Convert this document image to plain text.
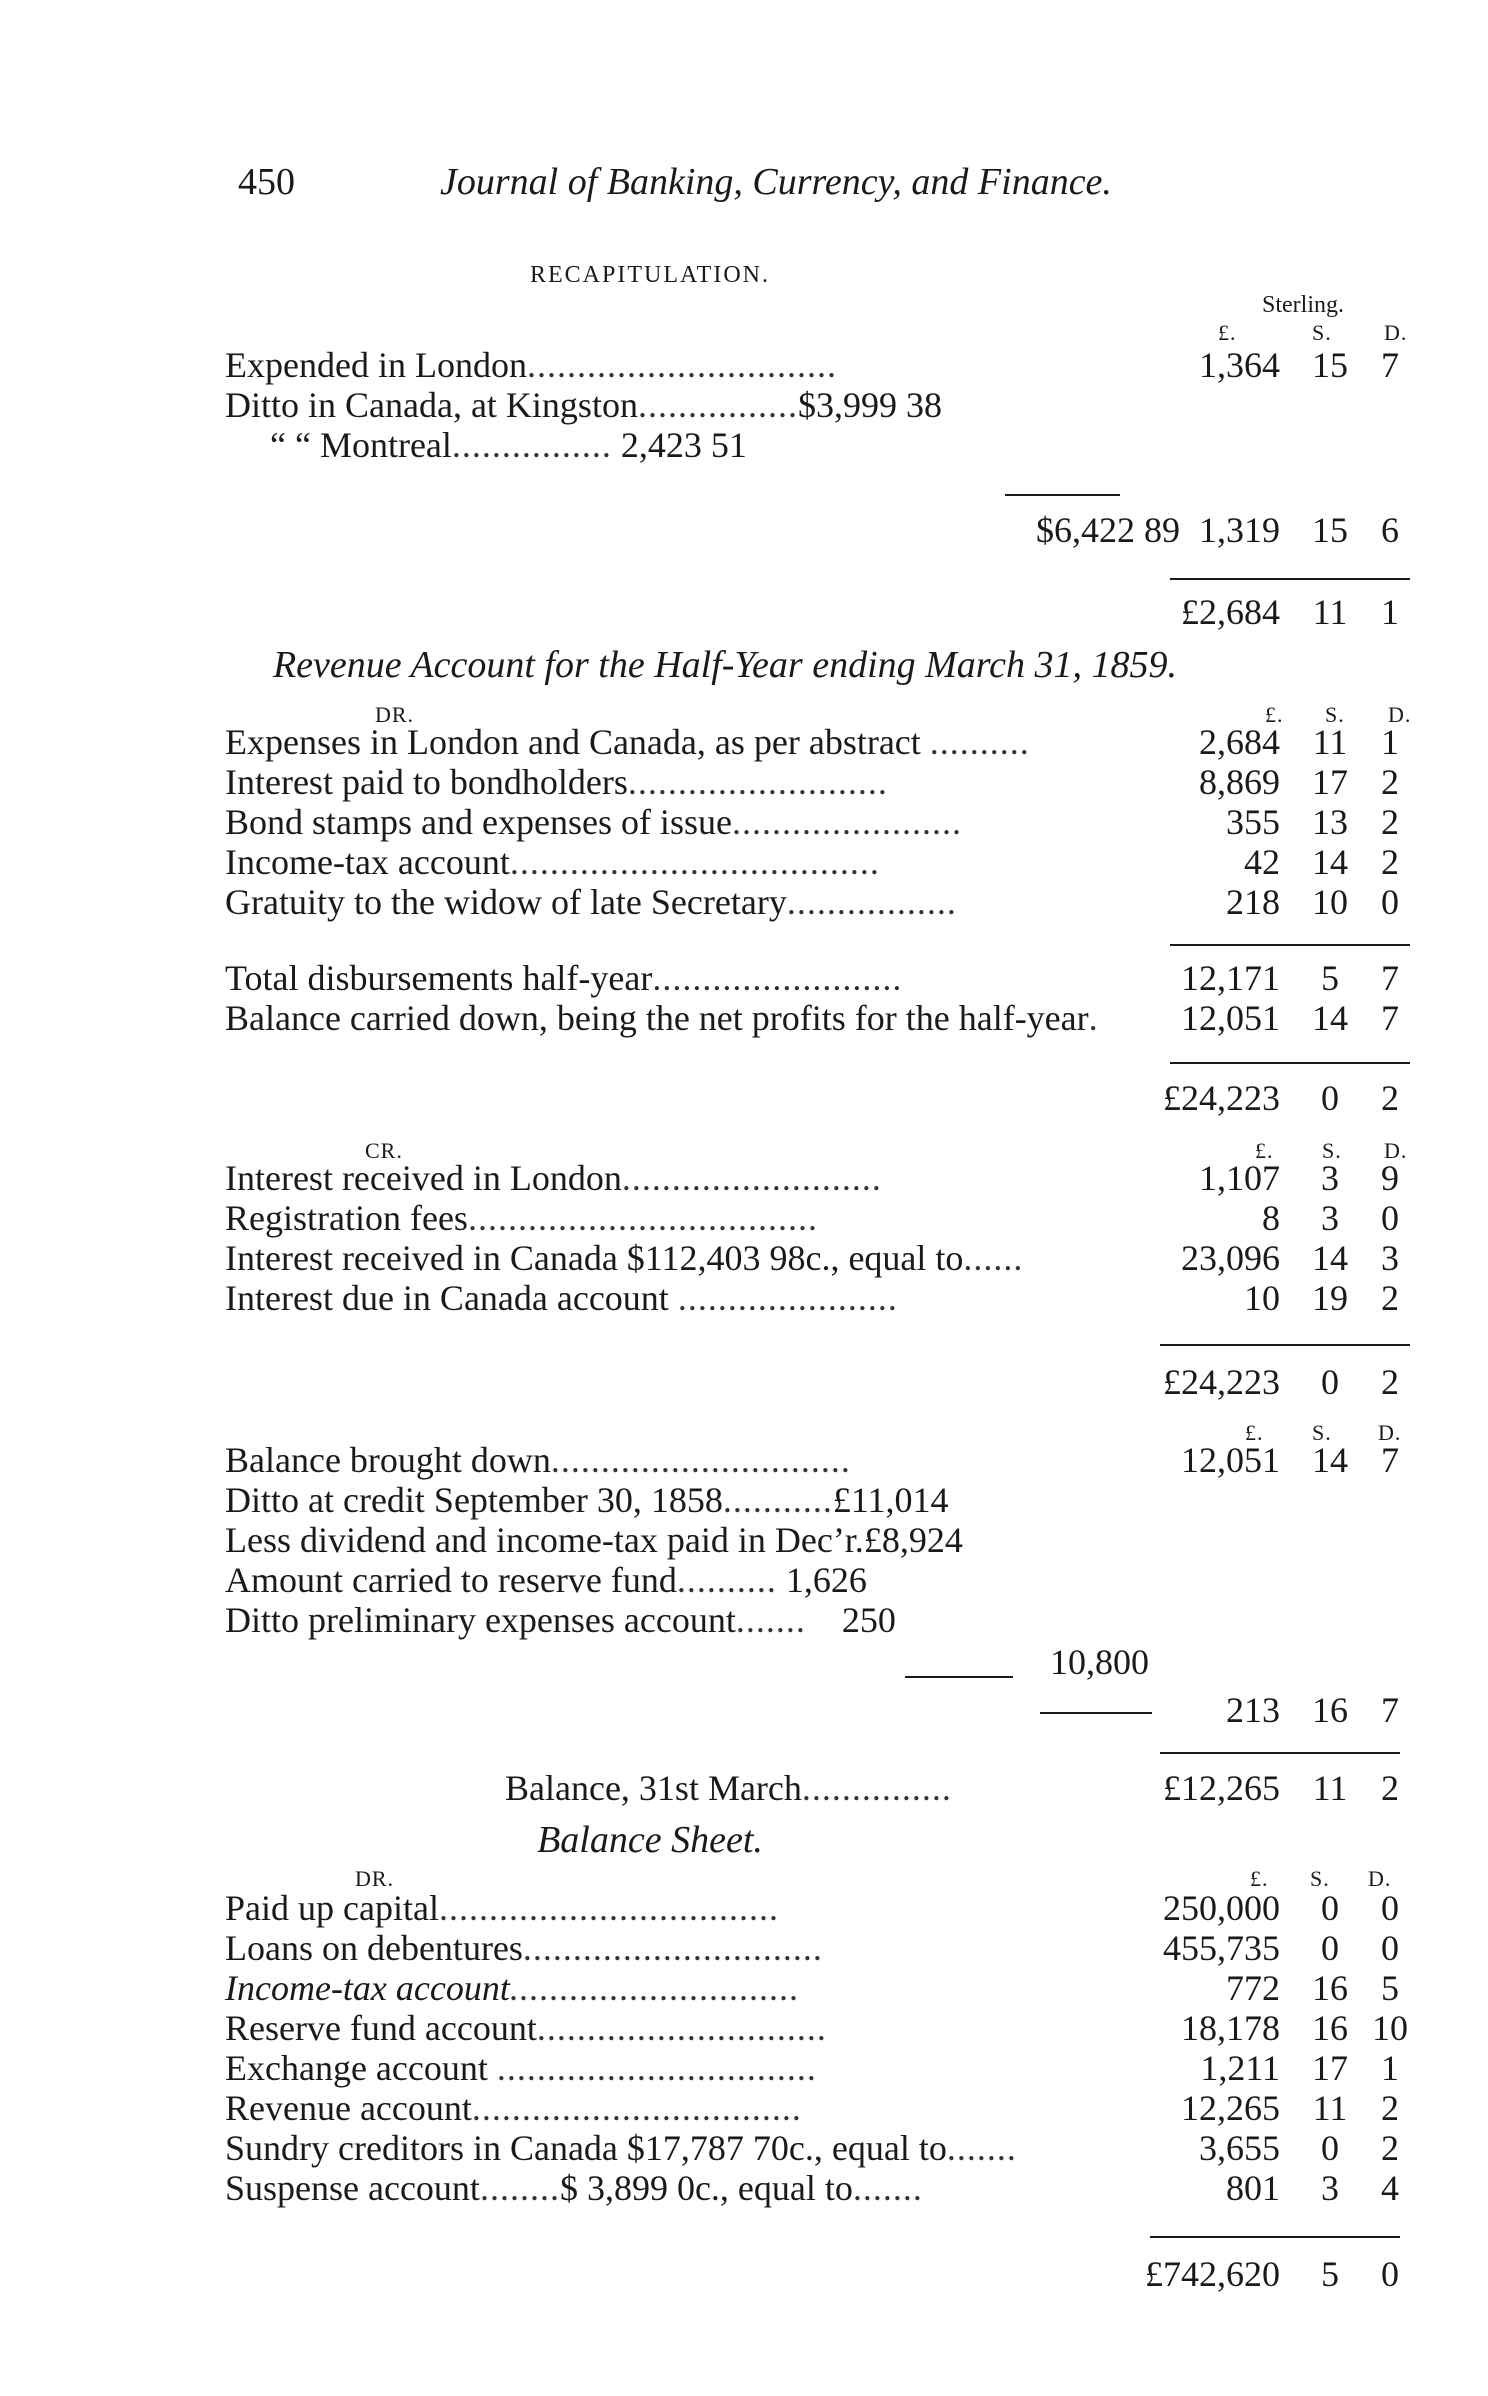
450	Journal of Banking, Currency, and Finance.
RECAPITULATION.
Sterling.
£.	S. D.
Expended in London...............................	1,364 15 7
Ditto in Canada, at Kingston................$3,999 38
“ “ Montreal................ 2,423 51
$6,422 89 1,319 15 6
£2,684 11 1
Revenue Account for the Half-Year ending March 31, 1859.
DR.	£. S. D.
Expenses in London and Canada, as per abstract ..........	2,684 11 1
Interest paid to bondholders..........................	8,869 17 2
Bond stamps and expenses of issue.......................	355 13 2
Income-tax account.....................................	42 14 2
Gratuity to the widow of late Secretary.................	218 10 0
Total disbursements half-year.........................	12,171	5	7
Balance carried down, being the net profits for the half-year. 12,051 14 7
£24,223	0	2
CR.	£. S. D.
Interest received in London..........................	1,107	3	9
Registration fees...................................	8	3	0
Interest received in Canada $112,403 98c., equal to......	23,096 14 3
Interest due in Canada account ......................	10 19 2
£24,223	0	2
£. S. D.
Balance brought down..............................	12,051 14 7
Ditto at credit September 30, 1858...........£11,014
Less dividend and income-tax paid in Dec’r.£8,924
Amount carried to reserve fund.......... 1,626
Ditto preliminary expenses account....... 250
10,800
213 16 7
Balance, 31st March...............	£12,265 11 2
Balance Sheet.
DR.	£. S. D.
Paid up capital..................................	250,000	0	0
Loans on debentures..............................	455,735	0	0
Income-tax account.............................	772 16 5
Reserve fund account.............................	18,178 16 10
Exchange account ................................	1,211 17 1
Revenue account.................................	12,265 11 2
Sundry creditors in Canada $17,787 70c., equal to.......	3,655	0	2
Suspense account........$ 3,899 0c., equal to.......	801	3	4
£742,620	5	0
